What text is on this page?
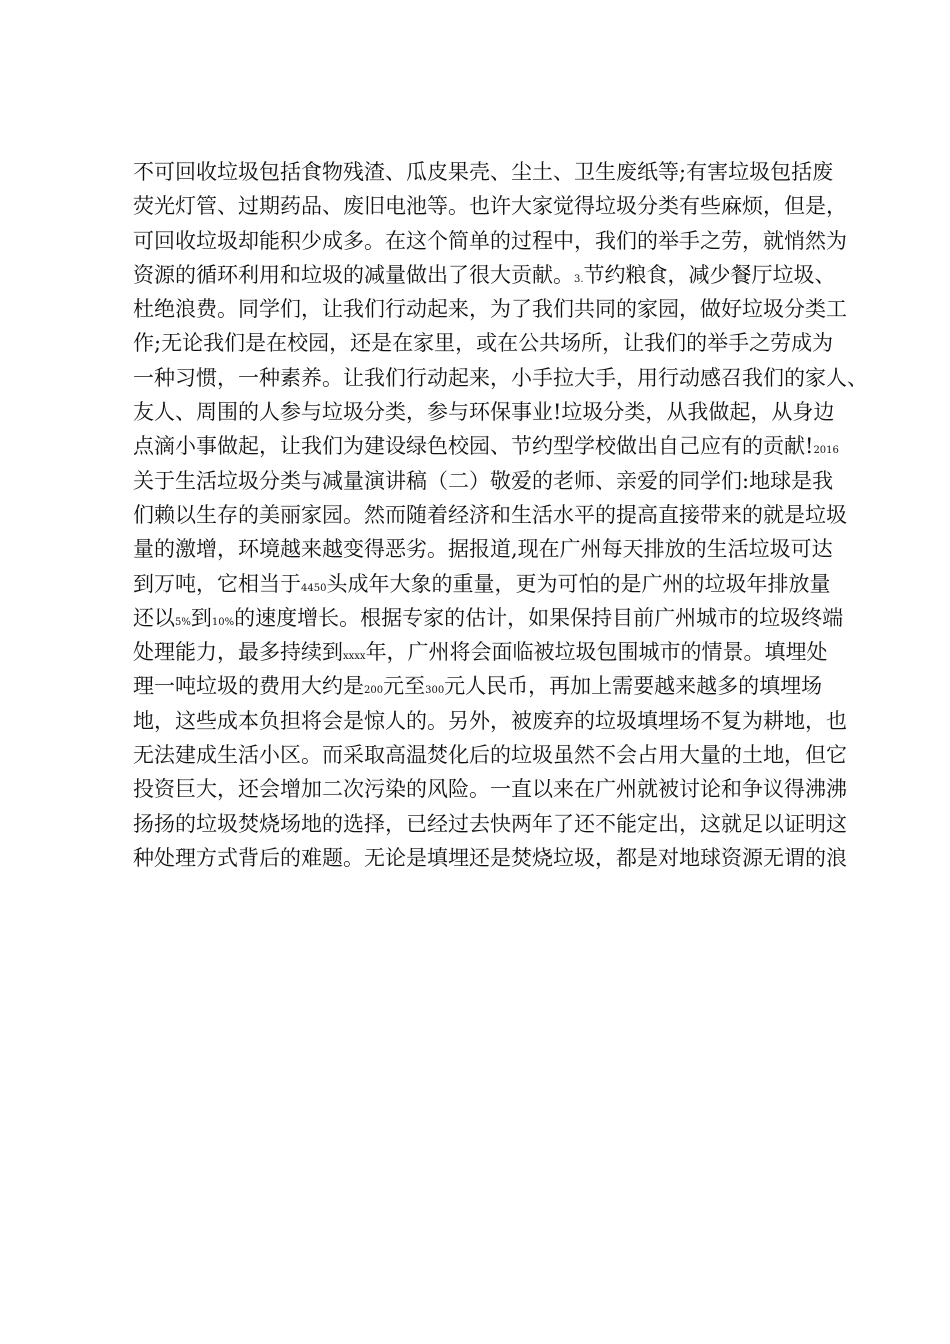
不可回收垃圾包括食物残渣、瓜皮果壳、尘土、卫生废纸等;有害垃圾包括废
荧光灯管、过期药品、废旧电池等。也许大家觉得垃圾分类有些麻烦，但是，
可回收垃圾却能积少成多。在这个简单的过程中，我们的举手之劳，就悄然为
资源的循环利用和垃圾的减量做出了很大贡献。3.节约粮食，减少餐厅垃圾、
杜绝浪费。同学们，让我们行动起来，为了我们共同的家园，做好垃圾分类工
作;无论我们是在校园，还是在家里，或在公共场所，让我们的举手之劳成为
一种习惯，一种素养。让我们行动起来，小手拉大手，用行动感召我们的家人、
友人、周围的人参与垃圾分类，参与环保事业!垃圾分类，从我做起，从身边
点滴小事做起，让我们为建设绿色校园、节约型学校做出自己应有的贡献!2016
关于生活垃圾分类与减量演讲稿（二）敬爱的老师、亲爱的同学们:地球是我
们赖以生存的美丽家园。然而随着经济和生活水平的提高直接带来的就是垃圾
量的激增，环境越来越变得恶劣。据报道,现在广州每天排放的生活垃圾可达
到万吨，它相当于4450头成年大象的重量，更为可怕的是广州的垃圾年排放量
还以5%到10%的速度增长。根据专家的估计，如果保持目前广州城市的垃圾终端
处理能力，最多持续到xxxx年，广州将会面临被垃圾包围城市的情景。填埋处
理一吨垃圾的费用大约是200元至300元人民币，再加上需要越来越多的填埋场
地，这些成本负担将会是惊人的。另外，被废弃的垃圾填埋场不复为耕地，也
无法建成生活小区。而采取高温焚化后的垃圾虽然不会占用大量的土地，但它
投资巨大，还会增加二次污染的风险。一直以来在广州就被讨论和争议得沸沸
扬扬的垃圾焚烧场地的选择，已经过去快两年了还不能定出，这就足以证明这
种处理方式背后的难题。无论是填埋还是焚烧垃圾，都是对地球资源无谓的浪
